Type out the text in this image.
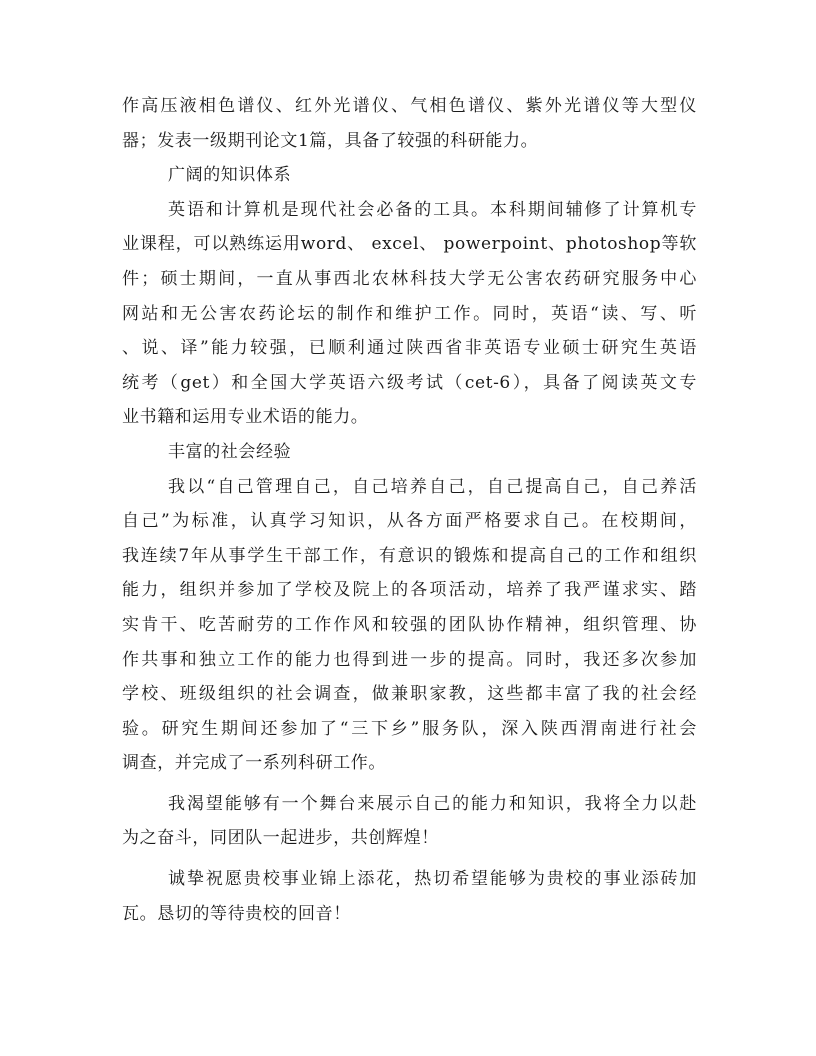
作高压液相色谱仪、红外光谱仪、气相色谱仪、紫外光谱仪等大型仪
器；发表一级期刊论文1篇，具备了较强的科研能力。
广阔的知识体系
英语和计算机是现代社会必备的工具。本科期间辅修了计算机专
业课程，可以熟练运用word、 excel、 powerpoint、photoshop等软
件；硕士期间，一直从事西北农林科技大学无公害农药研究服务中心
网站和无公害农药论坛的制作和维护工作。同时，英语“读、写、听
、说、译”能力较强，已顺利通过陕西省非英语专业硕士研究生英语
统考（get）和全国大学英语六级考试（cet-6），具备了阅读英文专
业书籍和运用专业术语的能力。
丰富的社会经验
我以“自己管理自己，自己培养自己，自己提高自己，自己养活
自己”为标准，认真学习知识，从各方面严格要求自己。在校期间，
我连续7年从事学生干部工作，有意识的锻炼和提高自己的工作和组织
能力，组织并参加了学校及院上的各项活动，培养了我严谨求实、踏
实肯干、吃苦耐劳的工作作风和较强的团队协作精神，组织管理、协
作共事和独立工作的能力也得到进一步的提高。同时，我还多次参加
学校、班级组织的社会调查，做兼职家教，这些都丰富了我的社会经
验。研究生期间还参加了“三下乡”服务队，深入陕西渭南进行社会
调查，并完成了一系列科研工作。
我渴望能够有一个舞台来展示自己的能力和知识，我将全力以赴
为之奋斗，同团队一起进步，共创辉煌！
诚挚祝愿贵校事业锦上添花，热切希望能够为贵校的事业添砖加
瓦。恳切的等待贵校的回音！
